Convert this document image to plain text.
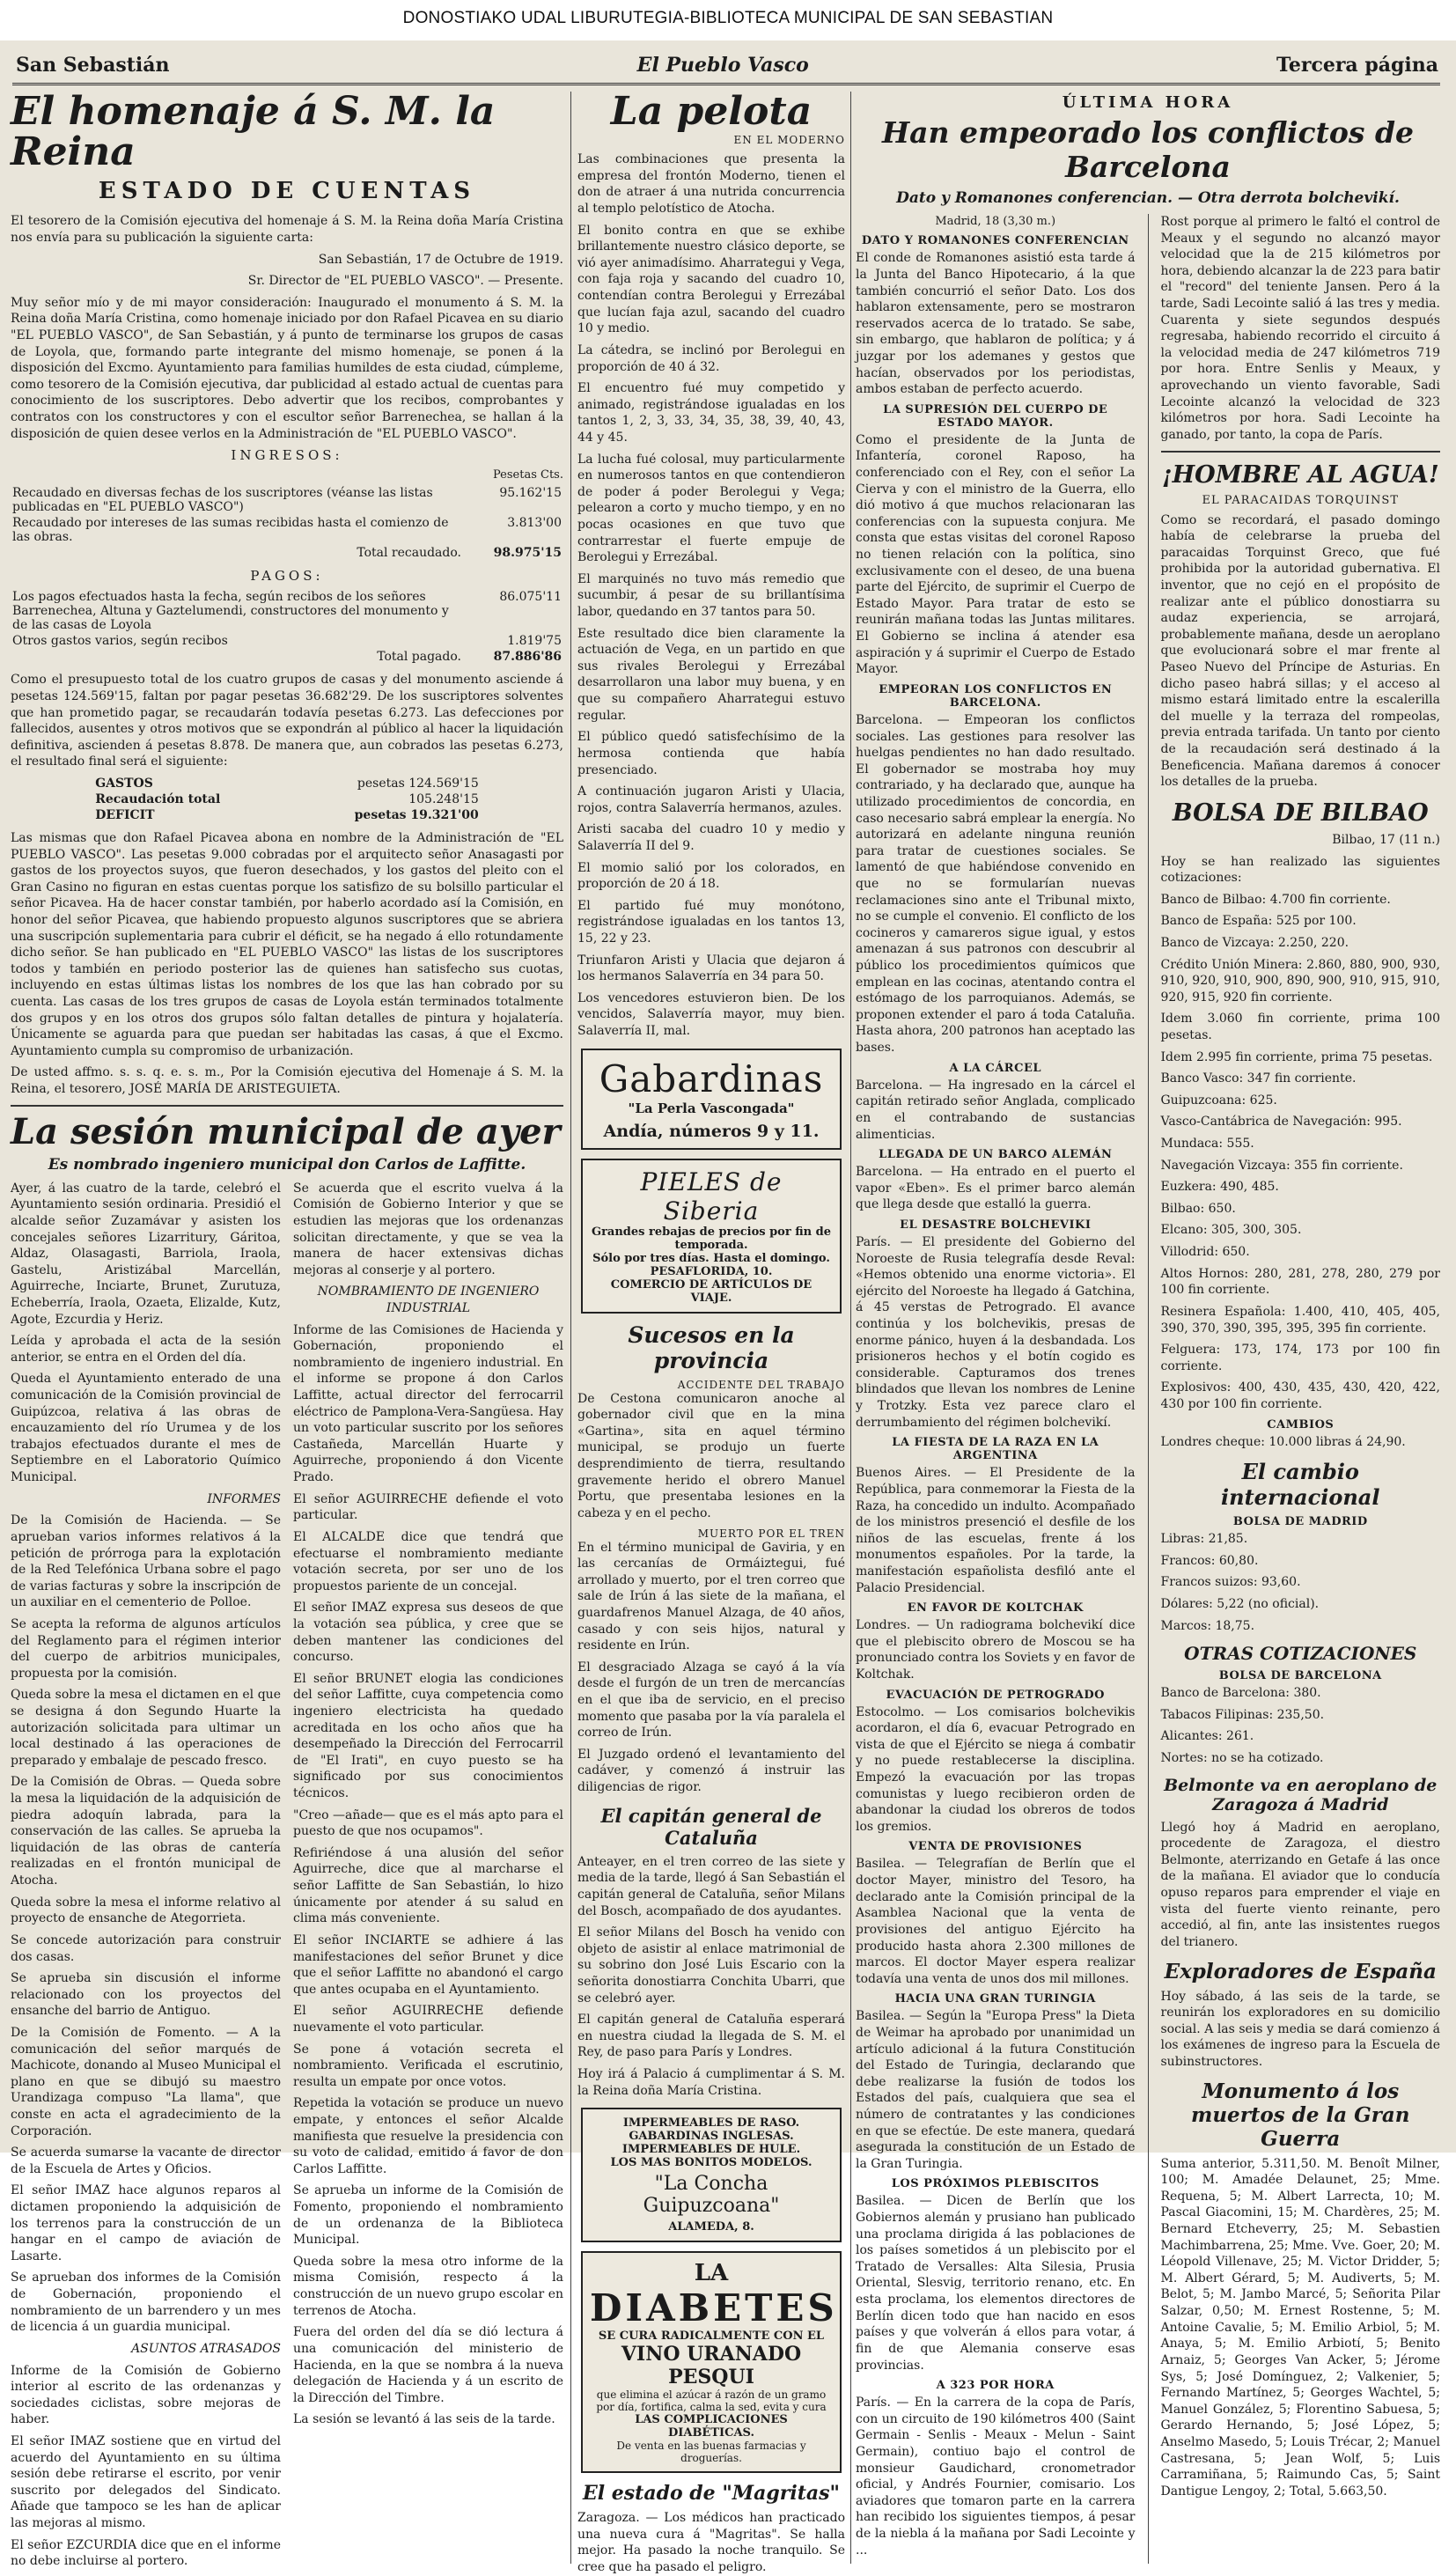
DONOSTIAKO UDAL LIBURUTEGIA-BIBLIOTECA MUNICIPAL DE SAN SEBASTIAN
San Sebastián	El Pueblo Vasco	Tercera página
El homenaje á S. M. la Reina
ESTADO DE CUENTAS

El tesorero de la Comisión ejecutiva del homenaje á S. M. la Reina doña María Cristina nos envía para su publicación la siguiente carta:

San Sebastián, 17 de Octubre de 1919.

Sr. Director de "EL PUEBLO VASCO". — Presente.

Muy señor mío y de mi mayor consideración: Inaugurado el monumento á S. M. la Reina doña María Cristina, como homenaje iniciado por don Rafael Picavea en su diario "EL PUEBLO VASCO", de San Sebastián, y á punto de terminarse los grupos de casas de Loyola, que, formando parte integrante del mismo homenaje, se ponen á la disposición del Excmo. Ayuntamiento para familias humildes de esta ciudad, cúmpleme, como tesorero de la Comisión ejecutiva, dar publicidad al estado actual de cuentas para conocimiento de los suscriptores. Debo advertir que los recibos, comprobantes y contratos con los constructores y con el escultor señor Barrenechea, se hallan á la disposición de quien desee verlos en la Administración de "EL PUEBLO VASCO".

INGRESOS:
Pesetas Cts.
Recaudado en diversas fechas de los suscriptores (véanse las listas publicadas en "EL PUEBLO VASCO")	95.162'15
Recaudado por intereses de las sumas recibidas hasta el comienzo de las obras.	3.813'00
Total recaudado.	98.975'15
PAGOS:
Los pagos efectuados hasta la fecha, según recibos de los señores Barrenechea, Altuna y Gaztelumendi, constructores del monumento y de las casas de Loyola	86.075'11
Otros gastos varios, según recibos	1.819'75
Total pagado.	87.886'86

Como el presupuesto total de los cuatro grupos de casas y del monumento asciende á pesetas 124.569'15, faltan por pagar pesetas 36.682'29. De los suscriptores solventes que han prometido pagar, se recaudarán todavía pesetas 6.273. Las defecciones por fallecidos, ausentes y otros motivos que se expondrán al público al hacer la liquidación definitiva, ascienden á pesetas 8.878. De manera que, aun cobrados las pesetas 6.273, el resultado final será el siguiente:

GASTOS	pesetas 124.569'15
Recaudación total	105.248'15
DEFICIT	pesetas 19.321'00

Las mismas que don Rafael Picavea abona en nombre de la Administración de "EL PUEBLO VASCO". Las pesetas 9.000 cobradas por el arquitecto señor Anasagasti por gastos de los proyectos suyos, que fueron desechados, y los gastos del pleito con el Gran Casino no figuran en estas cuentas porque los satisfizo de su bolsillo particular el señor Picavea. Ha de hacer constar también, por haberlo acordado así la Comisión, en honor del señor Picavea, que habiendo propuesto algunos suscriptores que se abriera una suscripción suplementaria para cubrir el déficit, se ha negado á ello rotundamente dicho señor. Se han publicado en "EL PUEBLO VASCO" las listas de los suscriptores todos y también en periodo posterior las de quienes han satisfecho sus cuotas, incluyendo en estas últimas listas los nombres de los que las han cobrado por su cuenta. Las casas de los tres grupos de casas de Loyola están terminados totalmente dos grupos y en los otros dos grupos sólo faltan detalles de pintura y hojalatería. Únicamente se aguarda para que puedan ser habitadas las casas, á que el Excmo. Ayuntamiento cumpla su compromiso de urbanización.

De usted affmo. s. s. q. e. s. m., Por la Comisión ejecutiva del Homenaje á S. M. la Reina, el tesorero, JOSÉ MARÍA DE ARISTEGUIETA.

La sesión municipal de ayer
Es nombrado ingeniero municipal don Carlos de Laffitte.

Ayer, á las cuatro de la tarde, celebró el Ayuntamiento sesión ordinaria. Presidió el alcalde señor Zuzamávar y asisten los concejales señores Lizarritury, Gáritoa, Aldaz, Olasagasti, Barriola, Iraola, Gastelu, Aristizábal Marcellán, Aguirreche, Inciarte, Brunet, Zurutuza, Echeberría, Iraola, Ozaeta, Elizalde, Kutz, Agote, Ezcurdia y Heriz.

Leída y aprobada el acta de la sesión anterior, se entra en el Orden del día.

Queda el Ayuntamiento enterado de una comunicación de la Comisión provincial de Guipúzcoa, relativa á las obras de encauzamiento del río Urumea y de los trabajos efectuados durante el mes de Septiembre en el Laboratorio Químico Municipal.

INFORMES

De la Comisión de Hacienda. — Se aprueban varios informes relativos á la petición de prórroga para la explotación de la Red Telefónica Urbana sobre el pago de varias facturas y sobre la inscripción de un auxiliar en el cementerio de Polloe.

Se acepta la reforma de algunos artículos del Reglamento para el régimen interior del cuerpo de arbitrios municipales, propuesta por la comisión.

Queda sobre la mesa el dictamen en el que se designa á don Segundo Huarte la autorización solicitada para ultimar un local destinado á las operaciones de preparado y embalaje de pescado fresco.

De la Comisión de Obras. — Queda sobre la mesa la liquidación de la adquisición de piedra adoquín labrada, para la conservación de las calles. Se aprueba la liquidación de las obras de cantería realizadas en el frontón municipal de Atocha.

Queda sobre la mesa el informe relativo al proyecto de ensanche de Ategorrieta.

Se concede autorización para construir dos casas.

Se aprueba sin discusión el informe relacionado con los proyectos del ensanche del barrio de Antiguo.

De la Comisión de Fomento. — A la comunicación del señor marqués de Machicote, donando al Museo Municipal el plano en que se dibujó su maestro Urandizaga compuso "La llama", que conste en acta el agradecimiento de la Corporación.

Se acuerda sumarse la vacante de director de la Escuela de Artes y Oficios.

El señor IMAZ hace algunos reparos al dictamen proponiendo la adquisición de los terrenos para la construcción de un hangar en el campo de aviación de Lasarte.

Se aprueban dos informes de la Comisión de Gobernación, proponiendo el nombramiento de un barrendero y un mes de licencia á un guardia municipal.

ASUNTOS ATRASADOS

Informe de la Comisión de Gobierno interior al escrito de las ordenanzas y sociedades ciclistas, sobre mejoras de haber.

El señor IMAZ sostiene que en virtud del acuerdo del Ayuntamiento en su última sesión debe retirarse el escrito, por venir suscrito por delegados del Sindicato. Añade que tampoco se les han de aplicar las mejoras al mismo.

El señor EZCURDIA dice que en el informe no debe incluirse al portero.

Se acuerda que el escrito vuelva á la Comisión de Gobierno Interior y que se estudien las mejoras que los ordenanzas solicitan directamente, y que se vea la manera de hacer extensivas dichas mejoras al conserje y al portero.

NOMBRAMIENTO DE INGENIERO INDUSTRIAL

Informe de las Comisiones de Hacienda y Gobernación, proponiendo el nombramiento de ingeniero industrial. En el informe se propone á don Carlos Laffitte, actual director del ferrocarril eléctrico de Pamplona-Vera-Sangüesa. Hay un voto particular suscrito por los señores Castañeda, Marcellán Huarte y Aguirreche, proponiendo á don Vicente Prado.

El señor AGUIRRECHE defiende el voto particular.

El ALCALDE dice que tendrá que efectuarse el nombramiento mediante votación secreta, por ser uno de los propuestos pariente de un concejal.

El señor IMAZ expresa sus deseos de que la votación sea pública, y cree que se deben mantener las condiciones del concurso.

El señor BRUNET elogia las condiciones del señor Laffitte, cuya competencia como ingeniero electricista ha quedado acreditada en los ocho años que ha desempeñado la Dirección del Ferrocarril de "El Irati", en cuyo puesto se ha significado por sus conocimientos técnicos.

"Creo —añade— que es el más apto para el puesto de que nos ocupamos".

Refiriéndose á una alusión del señor Aguirreche, dice que al marcharse el señor Laffitte de San Sebastián, lo hizo únicamente por atender á su salud en clima más conveniente.

El señor INCIARTE se adhiere á las manifestaciones del señor Brunet y dice que el señor Laffitte no abandonó el cargo que antes ocupaba en el Ayuntamiento.

El señor AGUIRRECHE defiende nuevamente el voto particular.

Se pone á votación secreta el nombramiento. Verificada el escrutinio, resulta un empate por once votos.

Repetida la votación se produce un nuevo empate, y entonces el señor Alcalde manifiesta que resuelve la presidencia con su voto de calidad, emitido á favor de don Carlos Laffitte.

Se aprueba un informe de la Comisión de Fomento, proponiendo el nombramiento de un ordenanza de la Biblioteca Municipal.

Queda sobre la mesa otro informe de la misma Comisión, respecto á la construcción de un nuevo grupo escolar en terrenos de Atocha.

Fuera del orden del día se dió lectura á una comunicación del ministerio de Hacienda, en la que se nombra á la nueva delegación de Hacienda y á un escrito de la Dirección del Timbre.

La sesión se levantó á las seis de la tarde.

La pelota
EN EL MODERNO

Las combinaciones que presenta la empresa del frontón Moderno, tienen el don de atraer á una nutrida concurrencia al templo pelotístico de Atocha.

El bonito contra en que se exhibe brillantemente nuestro clásico deporte, se vió ayer animadísimo. Aharrategui y Vega, con faja roja y sacando del cuadro 10, contendían contra Berolegui y Errezábal que lucían faja azul, sacando del cuadro 10 y medio.

La cátedra, se inclinó por Berolegui en proporción de 40 á 32.

El encuentro fué muy competido y animado, registrándose igualadas en los tantos 1, 2, 3, 33, 34, 35, 38, 39, 40, 43, 44 y 45.

La lucha fué colosal, muy particularmente en numerosos tantos en que contendieron de poder á poder Berolegui y Vega; pelearon a corto y mucho tiempo, y en no pocas ocasiones en que tuvo que contrarrestar el fuerte empuje de Berolegui y Errezábal.

El marquinés no tuvo más remedio que sucumbir, á pesar de su brillantísima labor, quedando en 37 tantos para 50.

Este resultado dice bien claramente la actuación de Vega, en un partido en que sus rivales Berolegui y Errezábal desarrollaron una labor muy buena, y en que su compañero Aharrategui estuvo regular.

El público quedó satisfechísimo de la hermosa contienda que había presenciado.

A continuación jugaron Aristi y Ulacia, rojos, contra Salaverría hermanos, azules.

Aristi sacaba del cuadro 10 y medio y Salaverría II del 9.

El momio salió por los colorados, en proporción de 20 á 18.

El partido fué muy monótono, registrándose igualadas en los tantos 13, 15, 22 y 23.

Triunfaron Aristi y Ulacia que dejaron á los hermanos Salaverría en 34 para 50.

Los vencedores estuvieron bien. De los vencidos, Salaverría mayor, muy bien. Salaverría II, mal.

Gabardinas
"La Perla Vascongada"
Andía, números 9 y 11.
PIELES de Siberia
Grandes rebajas de precios por fin de temporada.
Sólo por tres días. Hasta el domingo.
PESAFLORIDA, 10.
COMERCIO DE ARTÍCULOS DE VIAJE.
Sucesos en la provincia
ACCIDENTE DEL TRABAJO

De Cestona comunicaron anoche al gobernador civil que en la mina «Gartina», sita en aquel término municipal, se produjo un fuerte desprendimiento de tierra, resultando gravemente herido el obrero Manuel Portu, que presentaba lesiones en la cabeza y en el pecho.

MUERTO POR EL TREN

En el término municipal de Gaviria, y en las cercanías de Ormáiztegui, fué arrollado y muerto, por el tren correo que sale de Irún á las siete de la mañana, el guardafrenos Manuel Alzaga, de 40 años, casado y con seis hijos, natural y residente en Irún.

El desgraciado Alzaga se cayó á la vía desde el furgón de un tren de mercancías en el que iba de servicio, en el preciso momento que pasaba por la vía paralela el correo de Irún.

El Juzgado ordenó el levantamiento del cadáver, y comenzó á instruir las diligencias de rigor.

El capitán general de Cataluña

Anteayer, en el tren correo de las siete y media de la tarde, llegó á San Sebastián el capitán general de Cataluña, señor Milans del Bosch, acompañado de dos ayudantes.

El señor Milans del Bosch ha venido con objeto de asistir al enlace matrimonial de su sobrino don José Luis Escario con la señorita donostiarra Conchita Ubarri, que se celebró ayer.

El capitán general de Cataluña esperará en nuestra ciudad la llegada de S. M. el Rey, de paso para París y Londres.

Hoy irá á Palacio á cumplimentar á S. M. la Reina doña María Cristina.

IMPERMEABLES DE RASO.
GABARDINAS INGLESAS.
IMPERMEABLES DE HULE.
LOS MAS BONITOS MODELOS.
"La Concha Guipuzcoana"
ALAMEDA, 8.
LA
DIABETES
SE CURA RADICALMENTE CON EL
VINO URANADO PESQUI
que elimina el azúcar á razón de un gramo por día, fortifica, calma la sed, evita y cura
LAS COMPLICACIONES DIABÉTICAS.
De venta en las buenas farmacias y droguerías.
El estado de "Magritas"

Zaragoza. — Los médicos han practicado una nueva cura á "Magritas". Se halla mejor. Ha pasado la noche tranquilo. Se cree que ha pasado el peligro.

ÚLTIMA HORA
Han empeorado los conflictos de Barcelona
Dato y Romanones conferencian. — Otra derrota bolchevikí.

Madrid, 18 (3,30 m.)

DATO Y ROMANONES CONFERENCIAN

El conde de Romanones asistió esta tarde á la Junta del Banco Hipotecario, á la que también concurrió el señor Dato. Los dos hablaron extensamente, pero se mostraron reservados acerca de lo tratado. Se sabe, sin embargo, que hablaron de política; y á juzgar por los ademanes y gestos que hacían, observados por los periodistas, ambos estaban de perfecto acuerdo.

LA SUPRESIÓN DEL CUERPO DE ESTADO MAYOR.

Como el presidente de la Junta de Infantería, coronel Raposo, ha conferenciado con el Rey, con el señor La Cierva y con el ministro de la Guerra, ello dió motivo á que muchos relacionaran las conferencias con la supuesta conjura. Me consta que estas visitas del coronel Raposo no tienen relación con la política, sino exclusivamente con el deseo, de una buena parte del Ejército, de suprimir el Cuerpo de Estado Mayor. Para tratar de esto se reunirán mañana todas las Juntas militares. El Gobierno se inclina á atender esa aspiración y á suprimir el Cuerpo de Estado Mayor.

EMPEORAN LOS CONFLICTOS EN BARCELONA.

Barcelona. — Empeoran los conflictos sociales. Las gestiones para resolver las huelgas pendientes no han dado resultado. El gobernador se mostraba hoy muy contrariado, y ha declarado que, aunque ha utilizado procedimientos de concordia, en caso necesario sabrá emplear la energía. No autorizará en adelante ninguna reunión para tratar de cuestiones sociales. Se lamentó de que habiéndose convenido en que no se formularían nuevas reclamaciones sino ante el Tribunal mixto, no se cumple el convenio. El conflicto de los cocineros y camareros sigue igual, y estos amenazan á sus patronos con descubrir al público los procedimientos químicos que emplean en las cocinas, atentando contra el estómago de los parroquianos. Además, se proponen extender el paro á toda Cataluña. Hasta ahora, 200 patronos han aceptado las bases.

A LA CÁRCEL

Barcelona. — Ha ingresado en la cárcel el capitán retirado señor Anglada, complicado en el contrabando de sustancias alimenticias.

LLEGADA DE UN BARCO ALEMÁN

Barcelona. — Ha entrado en el puerto el vapor «Eben». Es el primer barco alemán que llega desde que estalló la guerra.

EL DESASTRE BOLCHEVIKI

París. — El presidente del Gobierno del Noroeste de Rusia telegrafía desde Reval: «Hemos obtenido una enorme victoria». El ejército del Noroeste ha llegado á Gatchina, á 45 verstas de Petrogrado. El avance continúa y los bolchevikis, presas de enorme pánico, huyen á la desbandada. Los prisioneros hechos y el botín cogido es considerable. Capturamos dos trenes blindados que llevan los nombres de Lenine y Trotzky. Esta vez parece claro el derrumbamiento del régimen bolchevikí.

LA FIESTA DE LA RAZA EN LA ARGENTINA

Buenos Aires. — El Presidente de la República, para conmemorar la Fiesta de la Raza, ha concedido un indulto. Acompañado de los ministros presenció el desfile de los niños de las escuelas, frente á los monumentos españoles. Por la tarde, la manifestación españolista desfiló ante el Palacio Presidencial.

EN FAVOR DE KOLTCHAK

Londres. — Un radiograma bolchevikí dice que el plebiscito obrero de Moscou se ha pronunciado contra los Soviets y en favor de Koltchak.

EVACUACIÓN DE PETROGRADO

Estocolmo. — Los comisarios bolchevikis acordaron, el día 6, evacuar Petrogrado en vista de que el Ejército se niega á combatir y no puede restablecerse la disciplina. Empezó la evacuación por las tropas comunistas y luego recibieron orden de abandonar la ciudad los obreros de todos los gremios.

VENTA DE PROVISIONES

Basilea. — Telegrafían de Berlín que el doctor Mayer, ministro del Tesoro, ha declarado ante la Comisión principal de la Asamblea Nacional que la venta de provisiones del antiguo Ejército ha producido hasta ahora 2.300 millones de marcos. El doctor Mayer espera realizar todavía una venta de unos dos mil millones.

HACIA UNA GRAN TURINGIA

Basilea. — Según la "Europa Press" la Dieta de Weimar ha aprobado por unanimidad un artículo adicional á la futura Constitución del Estado de Turingia, declarando que debe realizarse la fusión de todos los Estados del país, cualquiera que sea el número de contratantes y las condiciones en que se efectúe. De este manera, quedará asegurada la constitución de un Estado de la Gran Turingia.

LOS PRÓXIMOS PLEBISCITOS

Basilea. — Dicen de Berlín que los Gobiernos alemán y prusiano han publicado una proclama dirigida á las poblaciones de los países sometidos á un plebiscito por el Tratado de Versalles: Alta Silesia, Prusia Oriental, Slesvig, territorio renano, etc. En esta proclama, los elementos directores de Berlín dicen todo que han nacido en esos países y que volverán á ellos para votar, á fin de que Alemania conserve esas provincias.

A 323 POR HORA

París. — En la carrera de la copa de París, con un circuito de 190 kilómetros 400 (Saint Germain - Senlis - Meaux - Melun - Saint Germain), contiuo bajo el control de monsieur Gaudichard, cronometrador oficial, y Andrés Fournier, comisario. Los aviadores que tomaron parte en la carrera han recibido los siguientes tiempos, á pesar de la niebla á la mañana por Sadi Lecointe y ...

Rost porque al primero le faltó el control de Meaux y el segundo no alcanzó mayor velocidad que la de 215 kilómetros por hora, debiendo alcanzar la de 223 para batir el "record" del teniente Jansen. Pero á la tarde, Sadi Lecointe salió á las tres y media. Cuarenta y siete segundos después regresaba, habiendo recorrido el circuito á la velocidad media de 247 kilómetros 719 por hora. Entre Senlis y Meaux, y aprovechando un viento favorable, Sadi Lecointe alcanzó la velocidad de 323 kilómetros por hora. Sadi Lecointe ha ganado, por tanto, la copa de París.

¡HOMBRE AL AGUA!
EL PARACAIDAS TORQUINST

Como se recordará, el pasado domingo había de celebrarse la prueba del paracaidas Torquinst Greco, que fué prohibida por la autoridad gubernativa. El inventor, que no cejó en el propósito de realizar ante el público donostiarra su audaz experiencia, se arrojará, probablemente mañana, desde un aeroplano que evolucionará sobre el mar frente al Paseo Nuevo del Príncipe de Asturias. En dicho paseo habrá sillas; y el acceso al mismo estará limitado entre la escalerilla del muelle y la terraza del rompeolas, previa entrada tarifada. Un tanto por ciento de la recaudación será destinado á la Beneficencia. Mañana daremos á conocer los detalles de la prueba.

BOLSA DE BILBAO

Bilbao, 17 (11 n.)

Hoy se han realizado las siguientes cotizaciones:

Banco de Bilbao: 4.700 fin corriente.

Banco de España: 525 por 100.

Banco de Vizcaya: 2.250, 220.

Crédito Unión Minera: 2.860, 880, 900, 930, 910, 920, 910, 900, 890, 900, 910, 915, 910, 920, 915, 920 fin corriente.

Idem 3.060 fin corriente, prima 100 pesetas.

Idem 2.995 fin corriente, prima 75 pesetas.

Banco Vasco: 347 fin corriente.

Guipuzcoana: 625.

Vasco-Cantábrica de Navegación: 995.

Mundaca: 555.

Navegación Vizcaya: 355 fin corriente.

Euzkera: 490, 485.

Bilbao: 650.

Elcano: 305, 300, 305.

Villodrid: 650.

Altos Hornos: 280, 281, 278, 280, 279 por 100 fin corriente.

Resinera Española: 1.400, 410, 405, 405, 390, 370, 390, 395, 395, 395 fin corriente.

Felguera: 173, 174, 173 por 100 fin corriente.

Explosivos: 400, 430, 435, 430, 420, 422, 430 por 100 fin corriente.

CAMBIOS

Londres cheque: 10.000 libras á 24,90.

El cambio internacional
BOLSA DE MADRID

Libras: 21,85.

Francos: 60,80.

Francos suizos: 93,60.

Dólares: 5,22 (no oficial).

Marcos: 18,75.

OTRAS COTIZACIONES
BOLSA DE BARCELONA

Banco de Barcelona: 380.

Tabacos Filipinas: 235,50.

Alicantes: 261.

Nortes: no se ha cotizado.

Belmonte va en aeroplano de Zaragoza á Madrid

Llegó hoy á Madrid en aeroplano, procedente de Zaragoza, el diestro Belmonte, aterrizando en Getafe á las once de la mañana. El aviador que lo conducía opuso reparos para emprender el viaje en vista del fuerte viento reinante, pero accedió, al fin, ante las insistentes ruegos del trianero.

Exploradores de España

Hoy sábado, á las seis de la tarde, se reunirán los exploradores en su domicilio social. A las seis y media se dará comienzo á los exámenes de ingreso para la Escuela de subinstructores.

Monumento á los muertos de la Gran Guerra

Suma anterior, 5.311,50. M. Benoît Milner, 100; M. Amadée Delaunet, 25; Mme. Requena, 5; M. Albert Larrecta, 10; M. Pascal Giacomini, 15; M. Chardères, 25; M. Bernard Etcheverry, 25; M. Sebastien Machimbarrena, 25; Mme. Vve. Goer, 20; M. Léopold Villenave, 25; M. Victor Dridder, 5; M. Albert Gérard, 5; M. Audiverts, 5; M. Belot, 5; M. Jambo Marcé, 5; Señorita Pilar Salzar, 0,50; M. Ernest Rostenne, 5; M. Antoine Cavalie, 5; M. Emilio Arbiol, 5; M. Anaya, 5; M. Emilio Arbiotí, 5; Benito Arnaiz, 5; Georges Van Acker, 5; Jérome Sys, 5; José Domínguez, 2; Valkenier, 5; Fernando Martínez, 5; Georges Wachtel, 5; Manuel González, 5; Florentino Sabuesa, 5; Gerardo Hernando, 5; José López, 5; Anselmo Masedo, 5; Louis Trécar, 2; Manuel Castresana, 5; Jean Wolf, 5; Luis Carramiñana, 5; Raimundo Cas, 5; Saint Dantigue Lengoy, 2; Total, 5.663,50.
